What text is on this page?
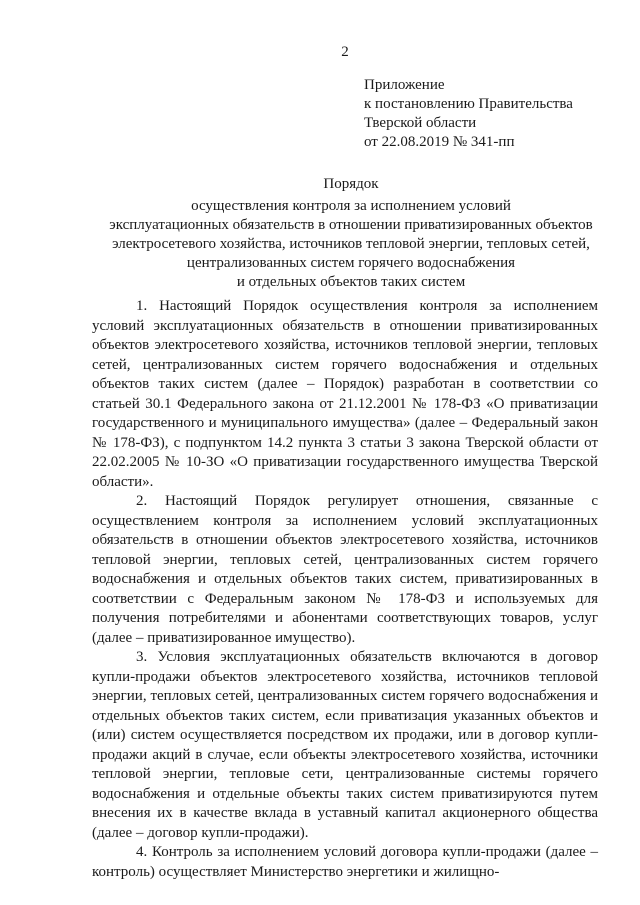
2
Приложение
к постановлению Правительства
Тверской области
от 22.08.2019 № 341-пп
Порядок
осуществления контроля за исполнением условий
эксплуатационных обязательств в отношении приватизированных объектов
электросетевого хозяйства, источников тепловой энергии, тепловых сетей,
централизованных систем горячего водоснабжения
и отдельных объектов таких систем

1. Настоящий Порядок осуществления контроля за исполнением условий эксплуатационных обязательств в отношении приватизированных объектов электросетевого хозяйства, источников тепловой энергии, тепловых сетей, централизованных систем горячего водоснабжения и отдельных объектов таких систем (далее – Порядок) разработан в соответствии со статьей 30.1 Федерального закона от 21.12.2001 № 178-ФЗ «О приватизации государственного и муниципального имущества» (далее – Федеральный закон № 178-ФЗ), с подпунктом 14.2 пункта 3 статьи 3 закона Тверской области от 22.02.2005 № 10-ЗО «О приватизации государственного имущества Тверской области».

2. Настоящий Порядок регулирует отношения, связанные с осуществлением контроля за исполнением условий эксплуатационных обязательств в отношении объектов электросетевого хозяйства, источников тепловой энергии, тепловых сетей, централизованных систем горячего водоснабжения и отдельных объектов таких систем, приватизированных в соответствии с Федеральным законом № 178-ФЗ и используемых для получения потребителями и абонентами соответствующих товаров, услуг (далее – приватизированное имущество).

3. Условия эксплуатационных обязательств включаются в договор купли-продажи объектов электросетевого хозяйства, источников тепловой энергии, тепловых сетей, централизованных систем горячего водоснабжения и отдельных объектов таких систем, если приватизация указанных объектов и (или) систем осуществляется посредством их продажи, или в договор купли-продажи акций в случае, если объекты электросетевого хозяйства, источники тепловой энергии, тепловые сети, централизованные системы горячего водоснабжения и отдельные объекты таких систем приватизируются путем внесения их в качестве вклада в уставный капитал акционерного общества (далее – договор купли-продажи).

4. Контроль за исполнением условий договора купли-продажи (далее – контроль) осуществляет Министерство энергетики и жилищно-
